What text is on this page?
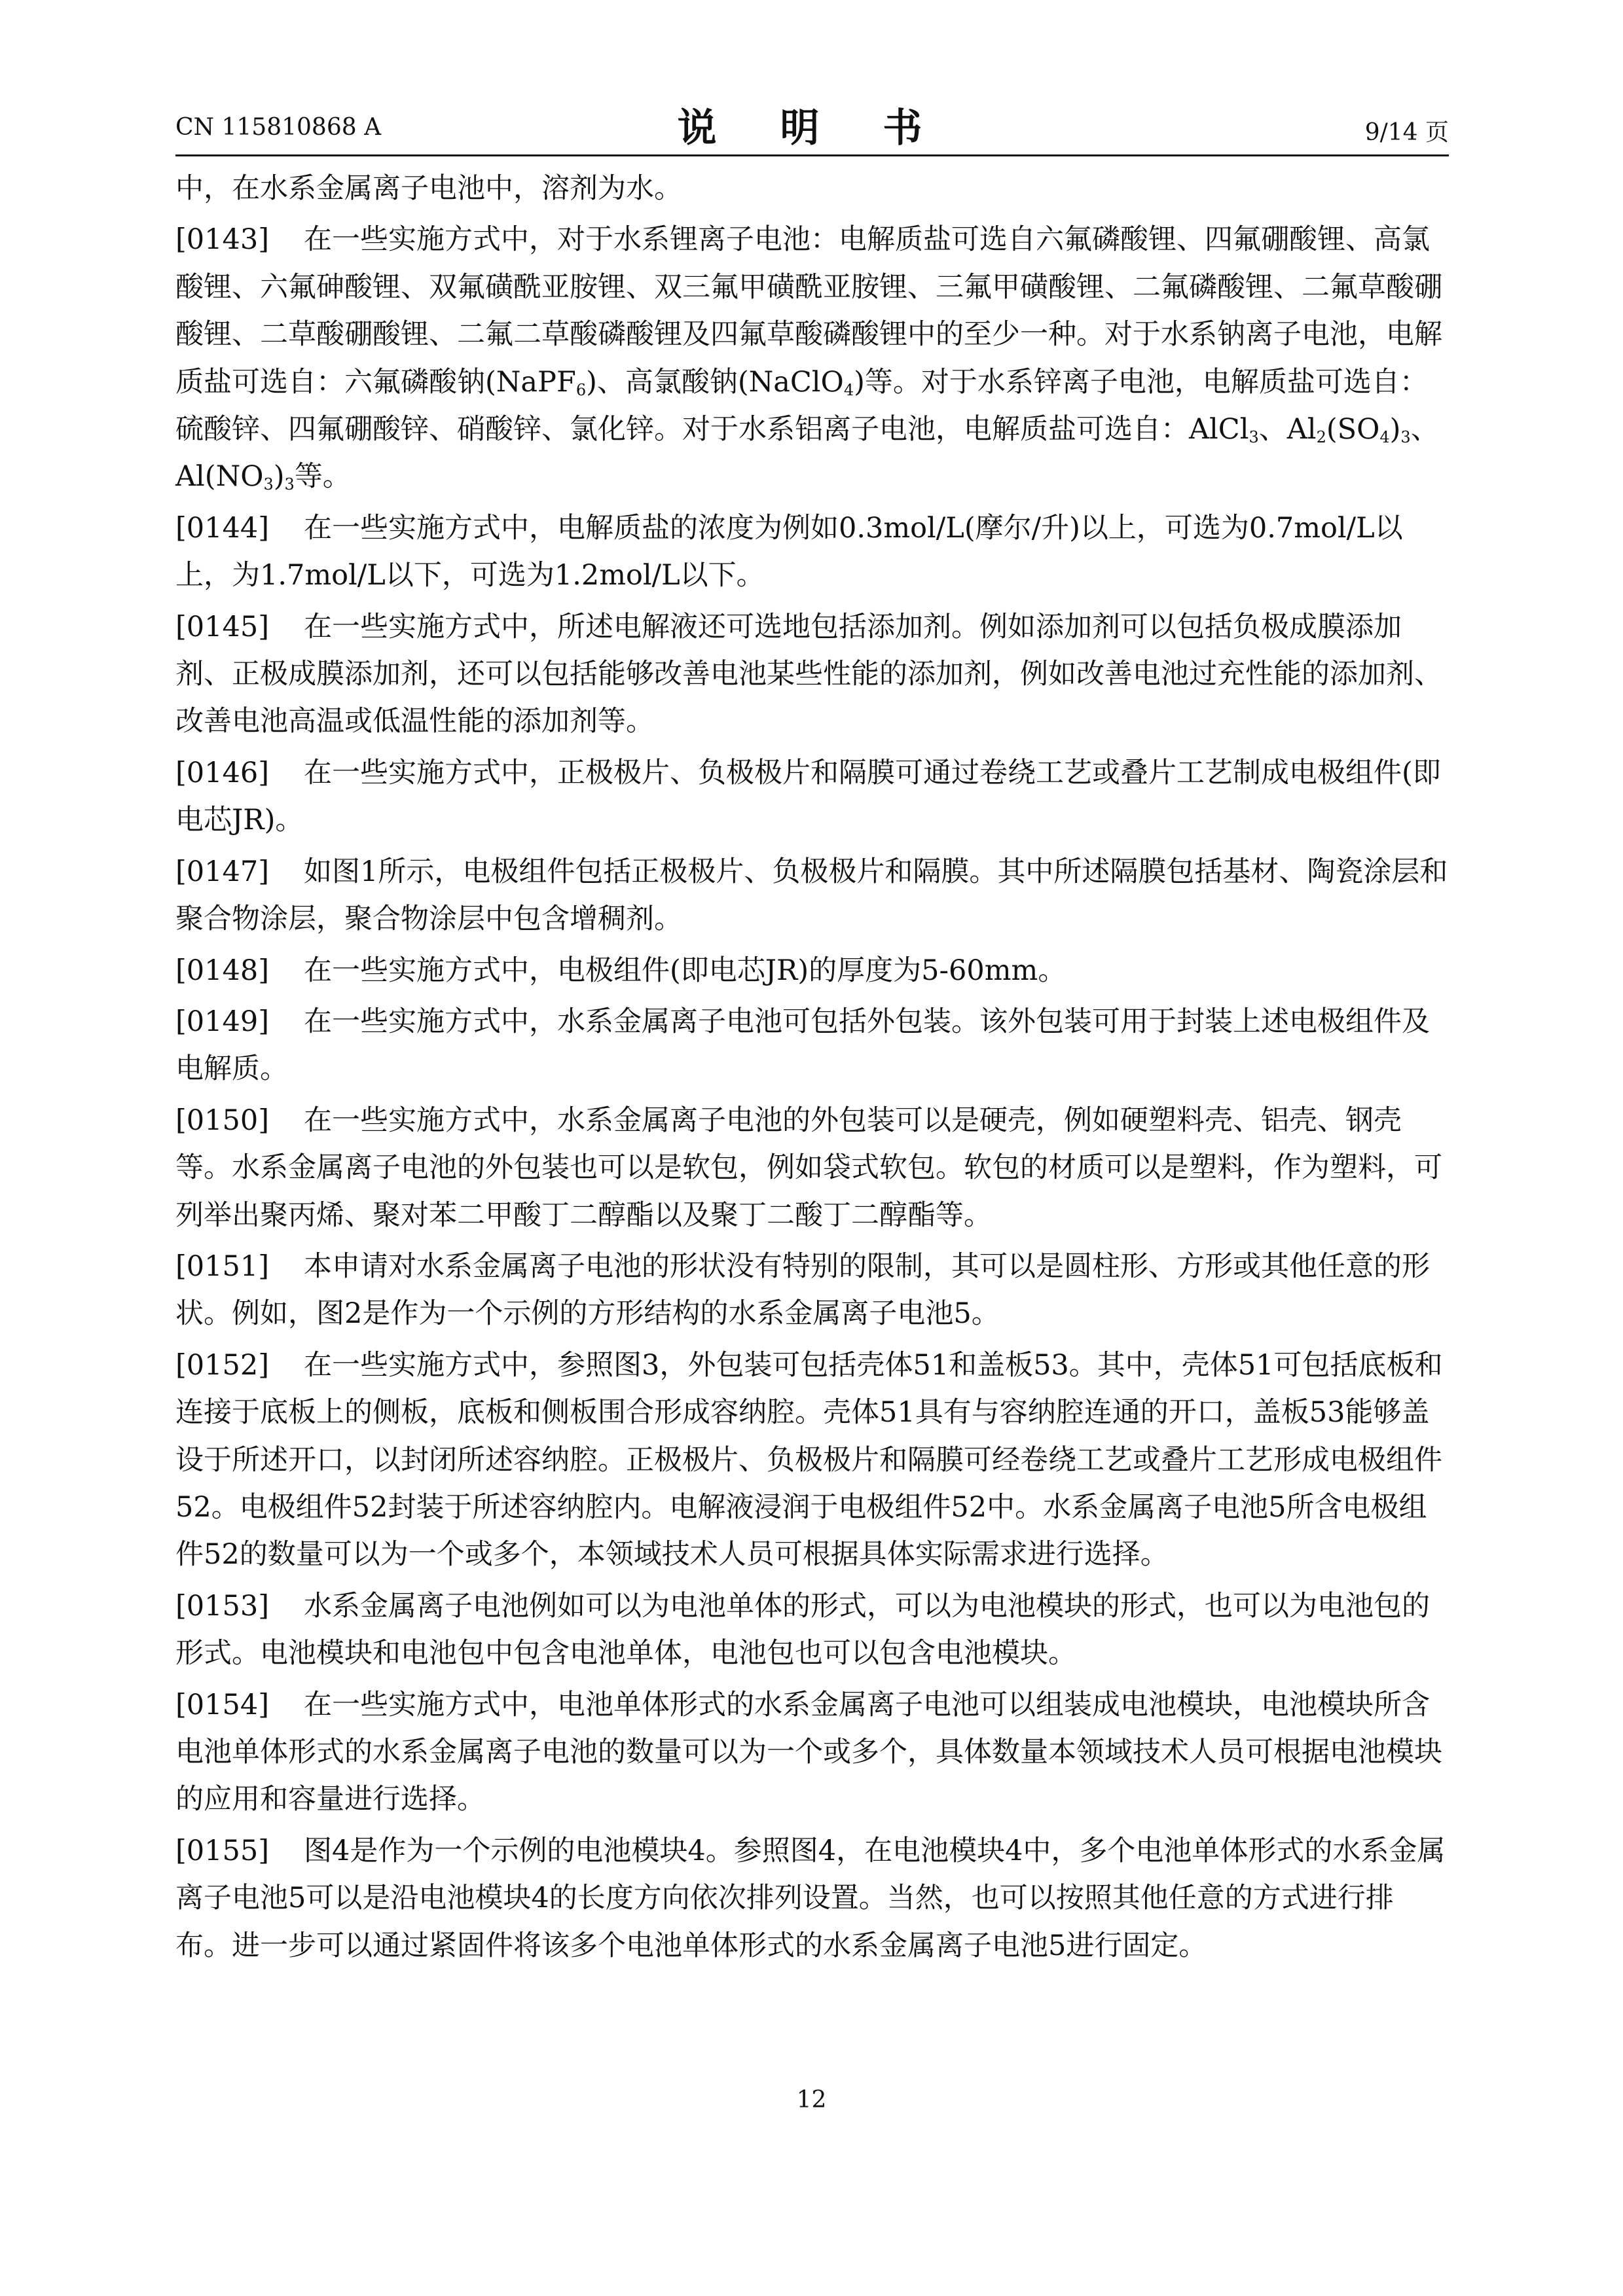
CN 115810868 A	说 明 书	9/14 页
中，在水系金属离子电池中，溶剂为水。
[0143] 在一些实施方式中，对于水系锂离子电池：电解质盐可选自六氟磷酸锂、四氟硼酸锂、高氯酸锂、六氟砷酸锂、双氟磺酰亚胺锂、双三氟甲磺酰亚胺锂、三氟甲磺酸锂、二氟磷酸锂、二氟草酸硼酸锂、二草酸硼酸锂、二氟二草酸磷酸锂及四氟草酸磷酸锂中的至少一种。对于水系钠离子电池，电解质盐可选自：六氟磷酸钠(NaPF$_6$)、高氯酸钠(NaClO$_4$)等。对于水系锌离子电池，电解质盐可选自：硫酸锌、四氟硼酸锌、硝酸锌、氯化锌。对于水系铝离子电池，电解质盐可选自：AlCl$_3$、$Al_2(SO_4)_3$、$Al(NO_3)_3$等。
[0144] 在一些实施方式中，电解质盐的浓度为例如0.3mol/L(摩尔/升)以上，可选为0.7mol/L以上，为1.7mol/L以下，可选为1.2mol/L以下。
[0145] 在一些实施方式中，所述电解液还可选地包括添加剂。例如添加剂可以包括负极成膜添加剂、正极成膜添加剂，还可以包括能够改善电池某些性能的添加剂，例如改善电池过充性能的添加剂、改善电池高温或低温性能的添加剂等。
[0146] 在一些实施方式中，正极极片、负极极片和隔膜可通过卷绕工艺或叠片工艺制成电极组件(即电芯JR)。
[0147] 如图1所示，电极组件包括正极极片、负极极片和隔膜。其中所述隔膜包括基材、陶瓷涂层和聚合物涂层，聚合物涂层中包含增稠剂。
[0148] 在一些实施方式中，电极组件(即电芯JR)的厚度为5-60mm。
[0149] 在一些实施方式中，水系金属离子电池可包括外包装。该外包装可用于封装上述电极组件及电解质。
[0150] 在一些实施方式中，水系金属离子电池的外包装可以是硬壳，例如硬塑料壳、铝壳、钢壳等。水系金属离子电池的外包装也可以是软包，例如袋式软包。软包的材质可以是塑料，作为塑料，可列举出聚丙烯、聚对苯二甲酸丁二醇酯以及聚丁二酸丁二醇酯等。
[0151] 本申请对水系金属离子电池的形状没有特别的限制，其可以是圆柱形、方形或其他任意的形状。例如，图2是作为一个示例的方形结构的水系金属离子电池5。
[0152] 在一些实施方式中，参照图3，外包装可包括壳体51和盖板53。其中，壳体51可包括底板和连接于底板上的侧板，底板和侧板围合形成容纳腔。壳体51具有与容纳腔连通的开口，盖板53能够盖设于所述开口，以封闭所述容纳腔。正极极片、负极极片和隔膜可经卷绕工艺或叠片工艺形成电极组件52。电极组件52封装于所述容纳腔内。电解液浸润于电极组件52中。水系金属离子电池5所含电极组件52的数量可以为一个或多个，本领域技术人员可根据具体实际需求进行选择。
[0153] 水系金属离子电池例如可以为电池单体的形式，可以为电池模块的形式，也可以为电池包的形式。电池模块和电池包中包含电池单体，电池包也可以包含电池模块。
[0154] 在一些实施方式中，电池单体形式的水系金属离子电池可以组装成电池模块，电池模块所含电池单体形式的水系金属离子电池的数量可以为一个或多个，具体数量本领域技术人员可根据电池模块的应用和容量进行选择。
[0155] 图4是作为一个示例的电池模块4。参照图4，在电池模块4中，多个电池单体形式的水系金属离子电池5可以是沿电池模块4的长度方向依次排列设置。当然，也可以按照其他任意的方式进行排布。进一步可以通过紧固件将该多个电池单体形式的水系金属离子电池5进行固定。
12
